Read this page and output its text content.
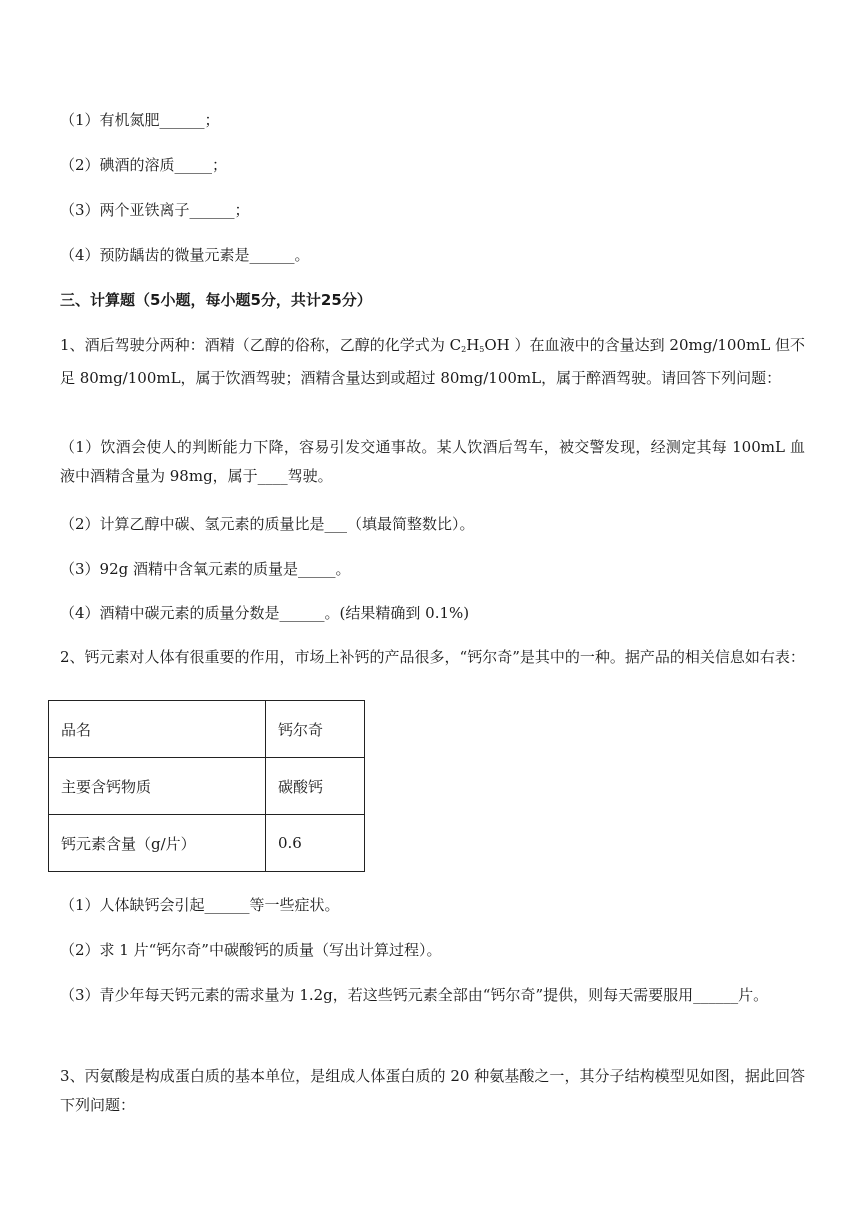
（1）有机氮肥______；
（2）碘酒的溶质_____；
（3）两个亚铁离子______；
（4）预防龋齿的微量元素是______。
三、计算题（5小题，每小题5分，共计25分）
1、酒后驾驶分两种：酒精（乙醇的俗称，乙醇的化学式为 $C_2H_5OH$ ）在血液中的含量达到 20mg/100mL 但不足 80mg/100mL，属于饮酒驾驶；酒精含量达到或超过 80mg/100mL，属于醉酒驾驶。请回答下列问题：
（1）饮酒会使人的判断能力下降，容易引发交通事故。某人饮酒后驾车，被交警发现，经测定其每 100mL 血液中酒精含量为 98mg，属于____驾驶。
（2）计算乙醇中碳、氢元素的质量比是___（填最简整数比）。
（3）92g 酒精中含氧元素的质量是_____。
（4）酒精中碳元素的质量分数是______。(结果精确到 0.1%)
2、钙元素对人体有很重要的作用，市场上补钙的产品很多，“钙尔奇”是其中的一种。据产品的相关信息如右表：
品名	钙尔奇
主要含钙物质	碳酸钙
钙元素含量（g/片）	0.6
（1）人体缺钙会引起______等一些症状。
（2）求 1 片“钙尔奇”中碳酸钙的质量（写出计算过程）。
（3）青少年每天钙元素的需求量为 1.2g，若这些钙元素全部由“钙尔奇”提供，则每天需要服用______片。
3、丙氨酸是构成蛋白质的基本单位，是组成人体蛋白质的 20 种氨基酸之一，其分子结构模型见如图，据此回答下列问题：
